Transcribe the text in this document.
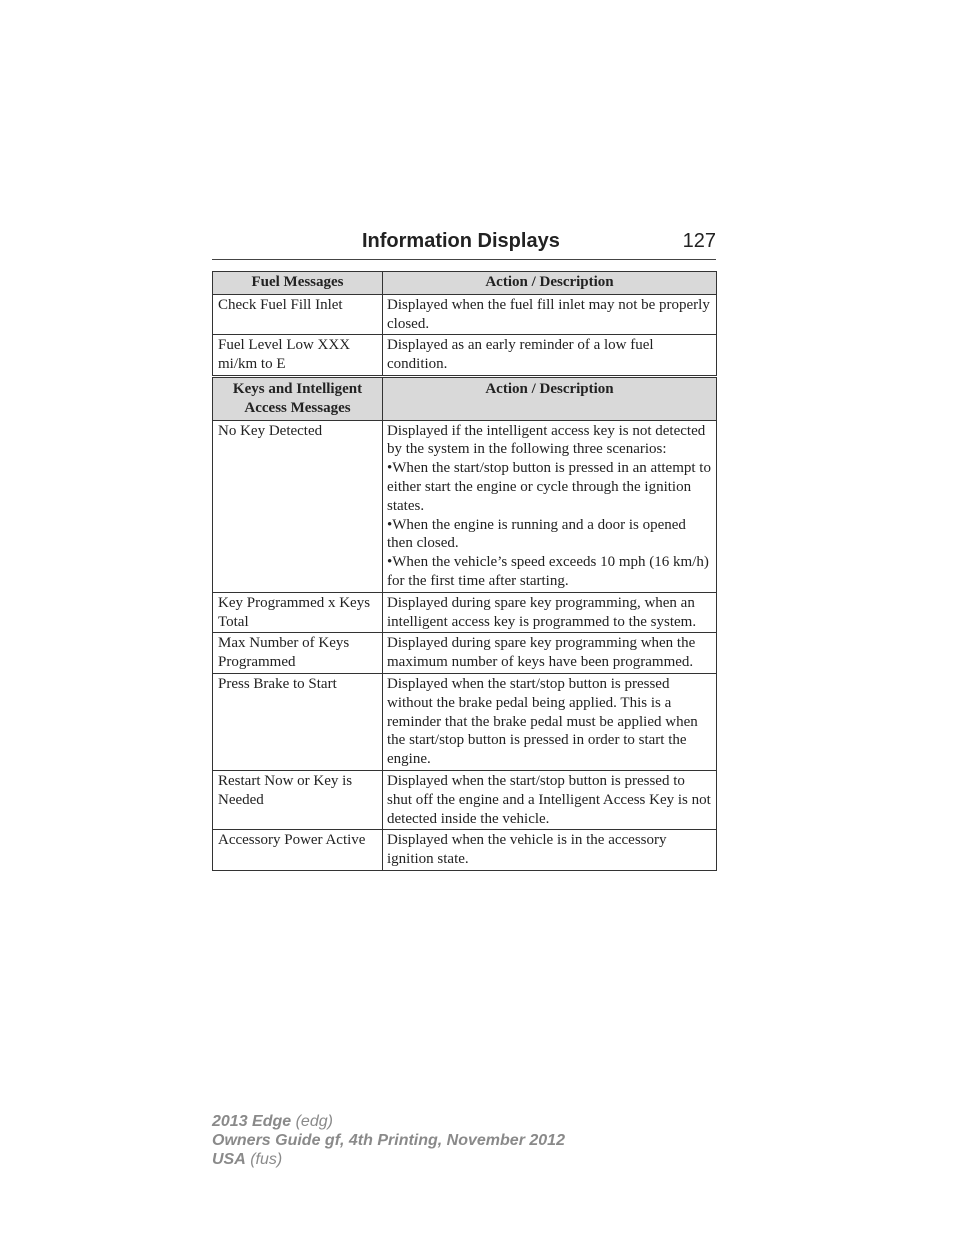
Information Displays	127
Fuel Messages	Action / Description
Check Fuel Fill Inlet	Displayed when the fuel fill inlet may not be properly closed.
Fuel Level Low XXX mi/km to E	Displayed as an early reminder of a low fuel condition.
Keys and Intelligent Access Messages	Action / Description
No Key Detected	Displayed if the intelligent access key is not detected by the system in the following three scenarios:
•When the start/stop button is pressed in an attempt to either start the engine or cycle through the ignition states.
•When the engine is running and a door is opened then closed.
•When the vehicle’s speed exceeds 10 mph (16 km/h) for the first time after starting.

Key Programmed x Keys Total	Displayed during spare key programming, when an intelligent access key is programmed to the system.
Max Number of Keys Programmed	Displayed during spare key programming when the maximum number of keys have been programmed.
Press Brake to Start	Displayed when the start/stop button is pressed without the brake pedal being applied. This is a reminder that the brake pedal must be applied when the start/stop button is pressed in order to start the engine.
Restart Now or Key is Needed	Displayed when the start/stop button is pressed to shut off the engine and a Intelligent Access Key is not detected inside the vehicle.
Accessory Power Active	Displayed when the vehicle is in the accessory ignition state.
2013 Edge (edg)
Owners Guide gf, 4th Printing, November 2012
USA (fus)
